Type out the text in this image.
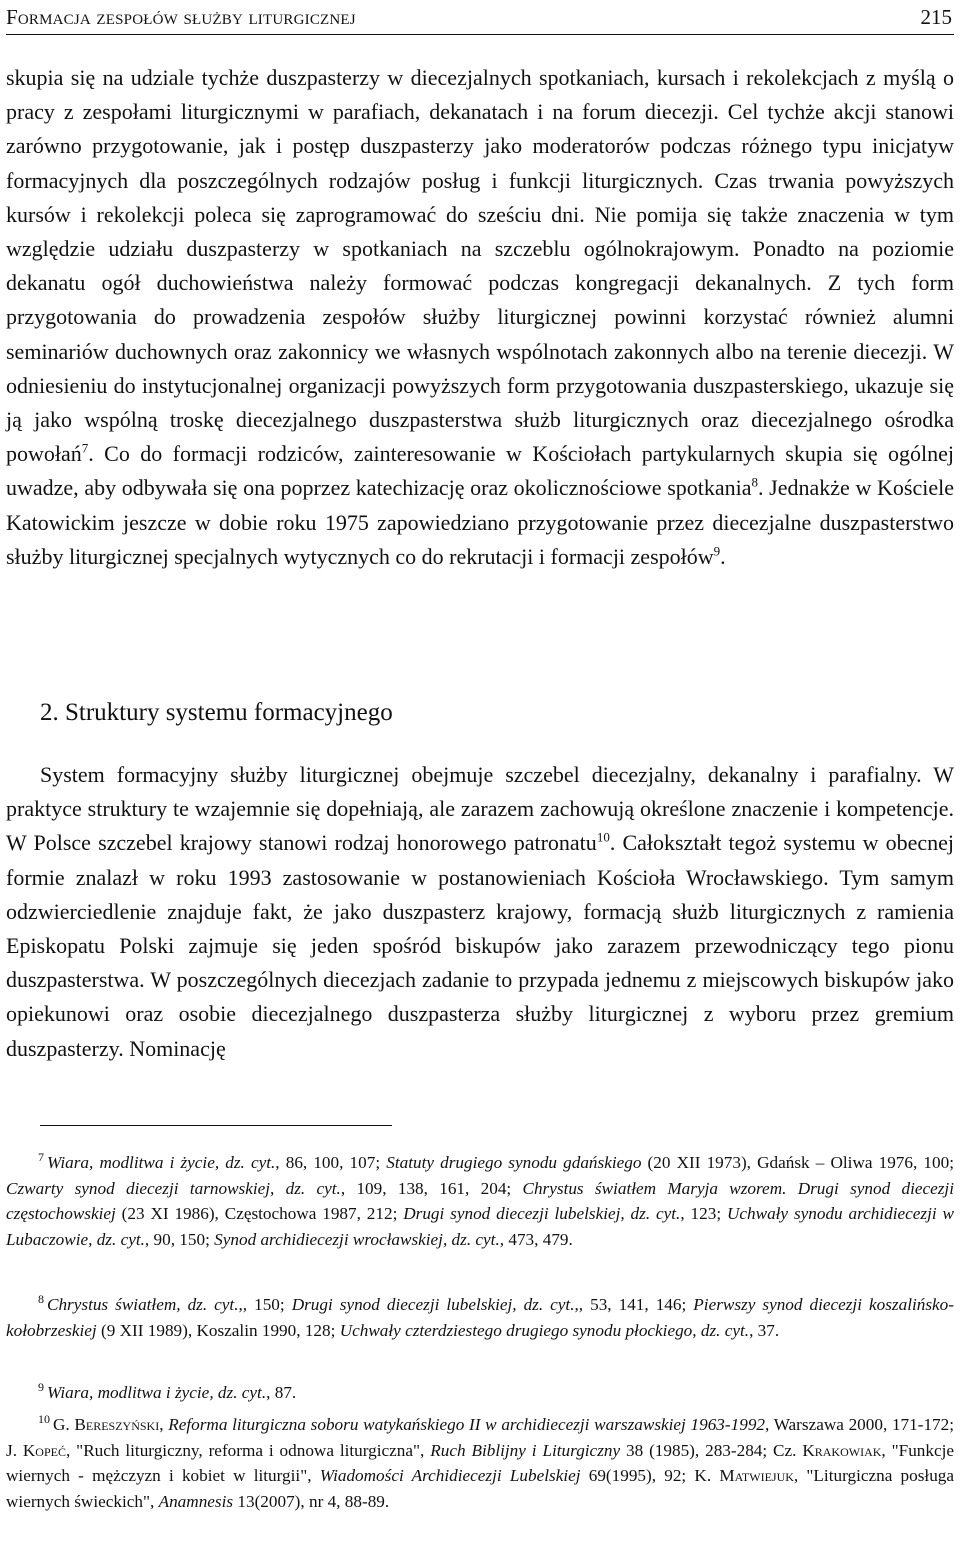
Formacja zespołów służby liturgicznej	215

skupia się na udziale tychże duszpasterzy w diecezjalnych spotkaniach, kursach i rekolekcjach z myślą o pracy z zespołami liturgicznymi w parafiach, dekanatach i na forum diecezji. Cel tychże akcji stanowi zarówno przygotowanie, jak i postęp duszpasterzy jako moderatorów podczas różnego typu inicjatyw formacyjnych dla poszczególnych rodzajów posług i funkcji liturgicznych. Czas trwania powyższych kursów i rekolekcji poleca się zaprogramować do sześciu dni. Nie pomija się także znaczenia w tym względzie udziału duszpasterzy w spotkaniach na szczeblu ogólnokrajowym. Ponadto na poziomie dekanatu ogół duchowieństwa należy formować podczas kongregacji dekanalnych. Z tych form przygotowania do prowadzenia zespołów służby liturgicznej powinni korzystać również alumni seminariów duchownych oraz zakonnicy we własnych wspólnotach zakonnych albo na terenie diecezji. W odniesieniu do instytucjonalnej organizacji powyższych form przygotowania duszpasterskiego, ukazuje się ją jako wspólną troskę diecezjalnego duszpasterstwa służb liturgicznych oraz diecezjalnego ośrodka powołań$^7$. Co do formacji rodziców, zainteresowanie w Kościołach partykularnych skupia się ogólnej uwadze, aby odbywała się ona poprzez katechizację oraz okolicznościowe spotkania$^8$. Jednakże w Kościele Katowickim jeszcze w dobie roku 1975 zapowiedziano przygotowanie przez diecezjalne duszpasterstwo służby liturgicznej specjalnych wytycznych co do rekrutacji i formacji zespołów$^9$.

2. Struktury systemu formacyjnego

System formacyjny służby liturgicznej obejmuje szczebel diecezjalny, dekanalny i parafialny. W praktyce struktury te wzajemnie się dopełniają, ale zarazem zachowują określone znaczenie i kompetencje. W Polsce szczebel krajowy stanowi rodzaj honorowego patronatu$^{10}$. Całokształt tegoż systemu w obecnej formie znalazł w roku 1993 zastosowanie w postanowieniach Kościoła Wrocławskiego. Tym samym odzwierciedlenie znajduje fakt, że jako duszpasterz krajowy, formacją służb liturgicznych z ramienia Episkopatu Polski zajmuje się jeden spośród biskupów jako zarazem przewodniczący tego pionu duszpasterstwa. W poszczególnych diecezjach zadanie to przypada jednemu z miejscowych biskupów jako opiekunowi oraz osobie diecezjalnego duszpasterza służby liturgicznej z wyboru przez gremium duszpasterzy. Nominację

$^7$ Wiara, modlitwa i życie, dz. cyt., 86, 100, 107; Statuty drugiego synodu gdańskiego (20 XII 1973), Gdańsk – Oliwa 1976, 100; Czwarty synod diecezji tarnowskiej, dz. cyt., 109, 138, 161, 204; Chrystus światłem Maryja wzorem. Drugi synod diecezji częstochowskiej (23 XI 1986), Częstochowa 1987, 212; Drugi synod diecezji lubelskiej, dz. cyt., 123; Uchwały synodu archidiecezji w Lubaczowie, dz. cyt., 90, 150; Synod archidiecezji wrocławskiej, dz. cyt., 473, 479.

$^8$ Chrystus światłem, dz. cyt.,, 150; Drugi synod diecezji lubelskiej, dz. cyt.,, 53, 141, 146; Pierwszy synod diecezji koszalińsko-kołobrzeskiej (9 XII 1989), Koszalin 1990, 128; Uchwały czterdziestego drugiego synodu płockiego, dz. cyt., 37.

$^9$ Wiara, modlitwa i życie, dz. cyt., 87.

$^{10}$ G. Bereszyński, Reforma liturgiczna soboru watykańskiego II w archidiecezji warszawskiej 1963-1992, Warszawa 2000, 171-172; J. Kopeć, "Ruch liturgiczny, reforma i odnowa liturgiczna", Ruch Biblijny i Liturgiczny 38 (1985), 283-284; Cz. Krakowiak, "Funkcje wiernych - mężczyzn i kobiet w liturgii", Wiadomości Archidiecezji Lubelskiej 69(1995), 92; K. Matwiejuk, "Liturgiczna posługa wiernych świeckich", Anamnesis 13(2007), nr 4, 88-89.
